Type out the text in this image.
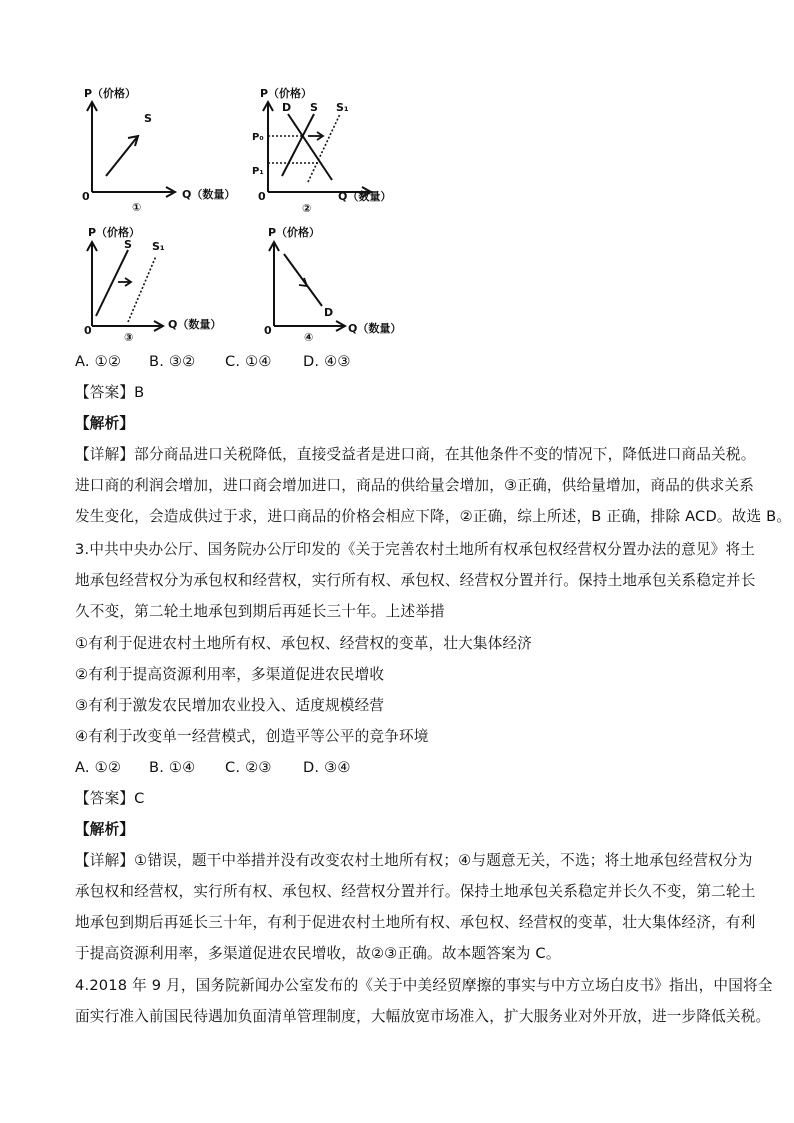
P（价格）
S
0	Q（数量）
①
P（价格）
D S S₁
P₀
P₁
0	Q（数量）
②
P（价格）
S S₁
0	Q（数量）
③
P（价格）
D
0	Q（数量）
④
A. ①② B. ③② C. ①④ D. ④③
【答案】B
【解析】
【详解】部分商品进口关税降低，直接受益者是进口商，在其他条件不变的情况下，降低进口商品关税。
进口商的利润会增加，进口商会增加进口，商品的供给量会增加，③正确，供给量增加，商品的供求关系
发生变化，会造成供过于求，进口商品的价格会相应下降，②正确，综上所述，B 正确，排除 ACD。故选 B。
3.中共中央办公厅、国务院办公厅印发的《关于完善农村土地所有权承包权经营权分置办法的意见》将土
地承包经营权分为承包权和经营权，实行所有权、承包权、经营权分置并行。保持土地承包关系稳定并长
久不变，第二轮土地承包到期后再延长三十年。上述举措
①有利于促进农村土地所有权、承包权、经营权的变革，壮大集体经济
②有利于提高资源利用率，多渠道促进农民增收
③有利于激发农民增加农业投入、适度规模经营
④有利于改变单一经营模式，创造平等公平的竞争环境
A. ①② B. ①④ C. ②③ D. ③④
【答案】C
【解析】
【详解】①错误，题干中举措并没有改变农村土地所有权；④与题意无关，不选；将土地承包经营权分为
承包权和经营权，实行所有权、承包权、经营权分置并行。保持土地承包关系稳定并长久不变，第二轮土
地承包到期后再延长三十年，有利于促进农村土地所有权、承包权、经营权的变革，壮大集体经济，有利
于提高资源利用率，多渠道促进农民增收，故②③正确。故本题答案为 C。
4.2018 年 9 月，国务院新闻办公室发布的《关于中美经贸摩擦的事实与中方立场白皮书》指出，中国将全
面实行准入前国民待遇加负面清单管理制度，大幅放宽市场准入，扩大服务业对外开放，进一步降低关税。
